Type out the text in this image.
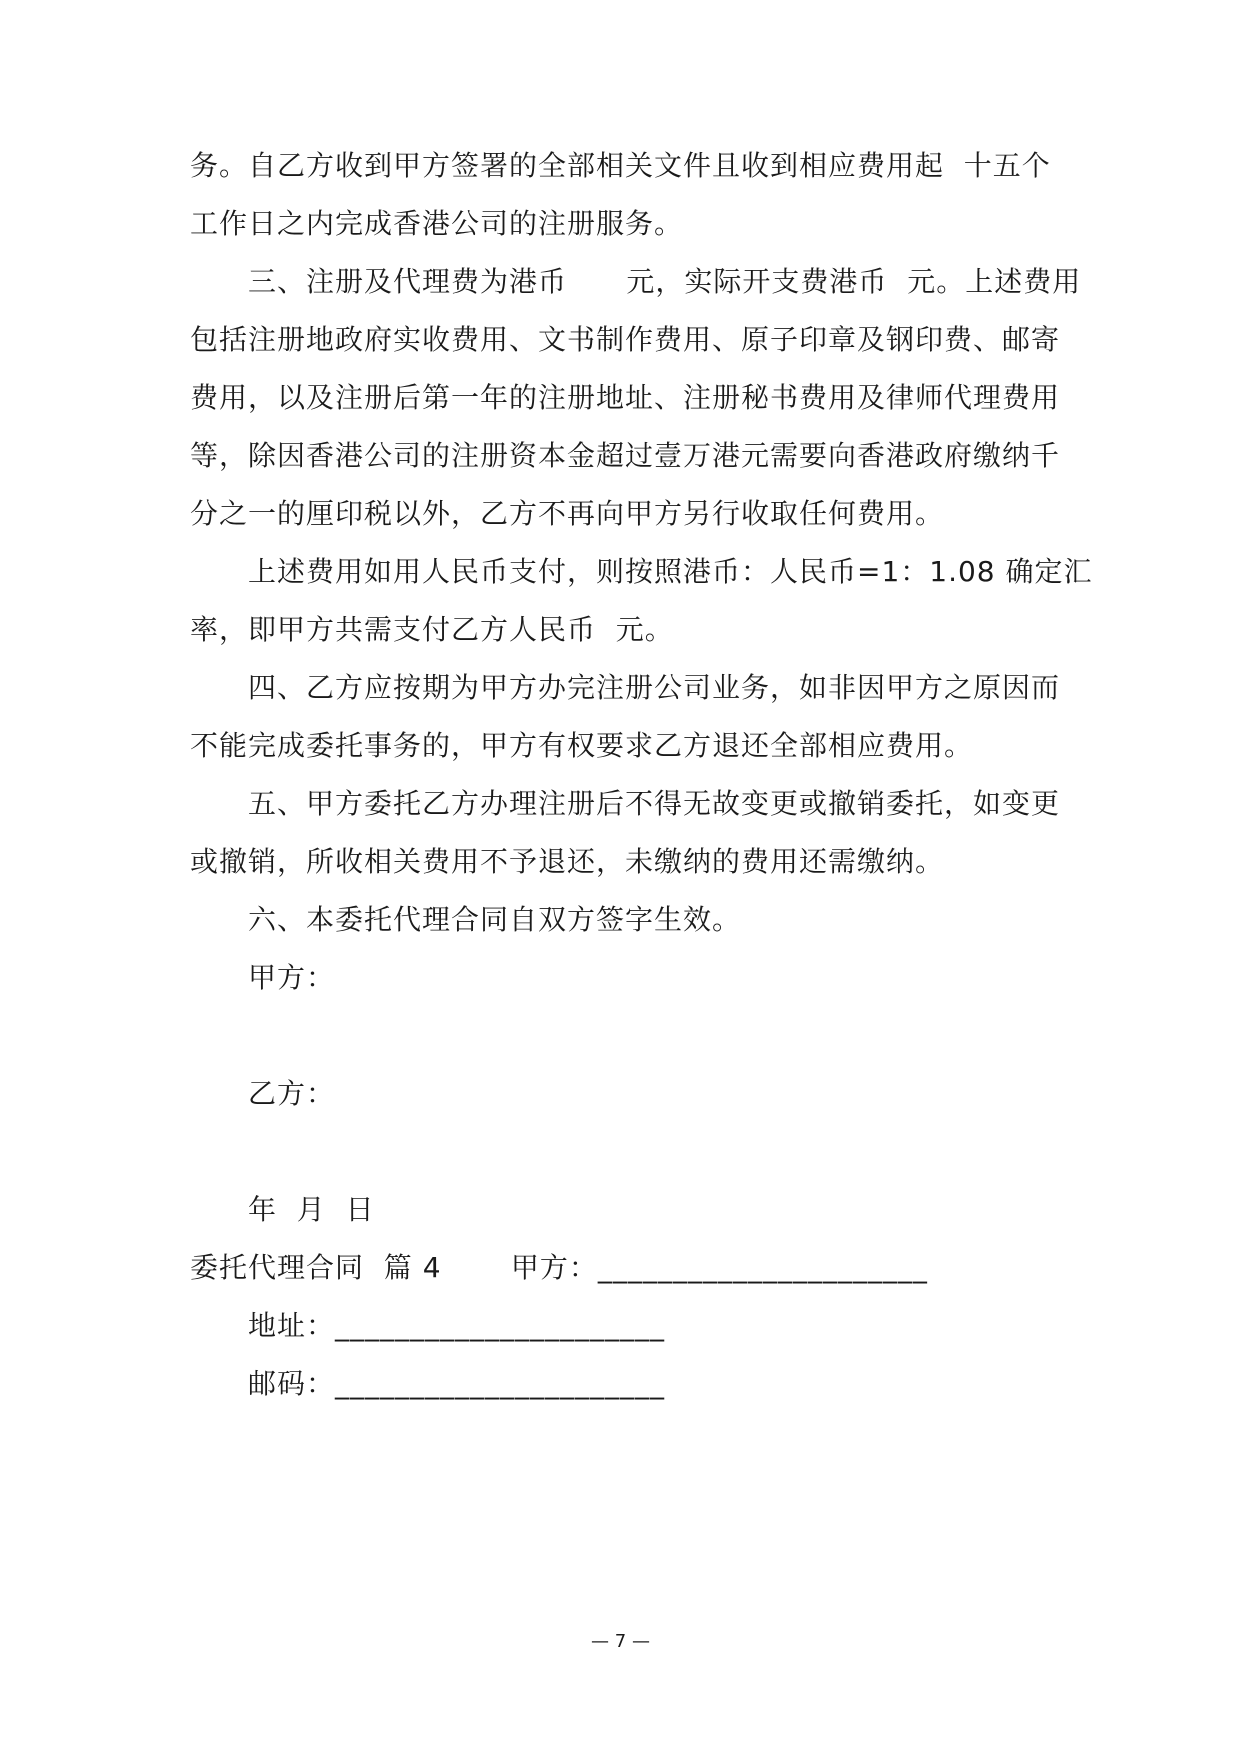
务。自乙方收到甲方签署的全部相关文件且收到相应费用起  十五个
工作日之内完成香港公司的注册服务。
三、注册及代理费为港币      元，实际开支费港币  元。上述费用
包括注册地政府实收费用、文书制作费用、原子印章及钢印费、邮寄
费用，以及注册后第一年的注册地址、注册秘书费用及律师代理费用
等，除因香港公司的注册资本金超过壹万港元需要向香港政府缴纳千
分之一的厘印税以外，乙方不再向甲方另行收取任何费用。
上述费用如用人民币支付，则按照港币：人民币=1：1.08 确定汇
率，即甲方共需支付乙方人民币  元。
四、乙方应按期为甲方办完注册公司业务，如非因甲方之原因而
不能完成委托事务的，甲方有权要求乙方退还全部相应费用。
五、甲方委托乙方办理注册后不得无故变更或撤销委托，如变更
或撤销，所收相关费用不予退还，未缴纳的费用还需缴纳。
六、本委托代理合同自双方签字生效。
甲方：
乙方：
年  月  日
委托代理合同  篇 4       甲方：______________________
地址：______________________
邮码：______________________
— 7 —
